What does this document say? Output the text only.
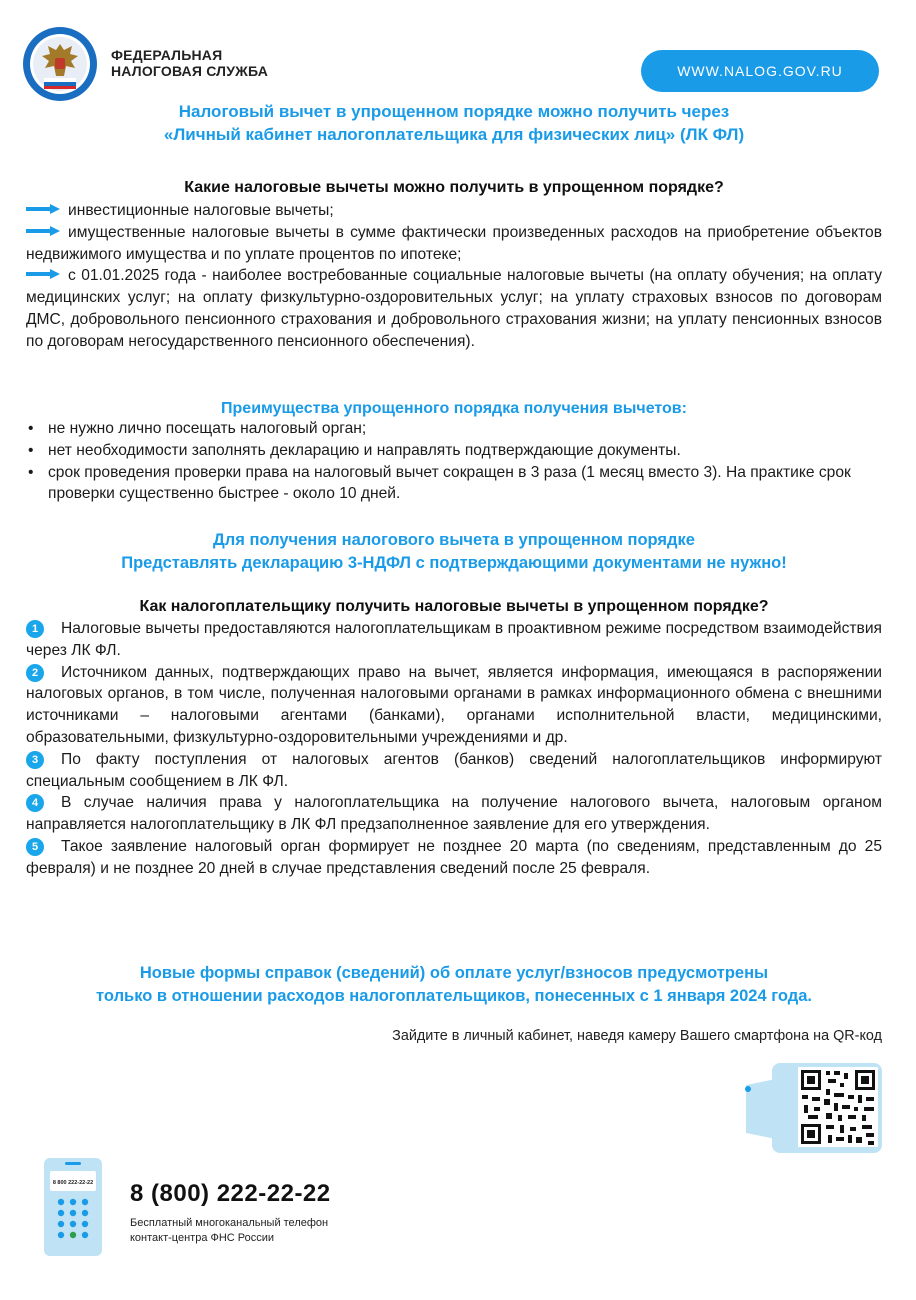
ФЕДЕРАЛЬНАЯ
НАЛОГОВАЯ СЛУЖБА	WWW.NALOG.GOV.RU
Налоговый вычет в упрощенном порядке можно получить через
«Личный кабинет налогоплательщика для физических лиц» (ЛК ФЛ)
Какие налоговые вычеты можно получить в упрощенном порядке?

инвестиционные налоговые вычеты;

имущественные налоговые вычеты в сумме фактически произведенных расходов на приобретение объектов недвижимого имущества и по уплате процентов по ипотеке;

с 01.01.2025 года - наиболее востребованные социальные налоговые вычеты (на оплату обучения; на оплату медицинских услуг; на оплату физкультурно-оздоровительных услуг; на уплату страховых взносов по договорам ДМС, добровольного пенсионного страхования и добровольного страхования жизни; на уплату пенсионных взносов по договорам негосударственного пенсионного обеспечения).

Преимущества упрощенного порядка получения вычетов:
• не нужно лично посещать налоговый орган;
• нет необходимости заполнять декларацию и направлять подтверждающие документы.
• срок проведения проверки права на налоговый вычет сокращен в 3 раза (1 месяц вместо 3). На практике срок проверки существенно быстрее - около 10 дней.
Для получения налогового вычета в упрощенном порядке
Представлять декларацию 3-НДФЛ с подтверждающими документами не нужно!
Как налогоплательщику получить налоговые вычеты в упрощенном порядке?

1 Налоговые вычеты предоставляются налогоплательщикам в проактивном режиме посредством взаимодействия через ЛК ФЛ.

2 Источником данных, подтверждающих право на вычет, является информация, имеющаяся в распоряжении налоговых органов, в том числе, полученная налоговыми органами в рамках информационного обмена с внешними источниками – налоговыми агентами (банками), органами исполнительной власти, медицинскими, образовательными, физкультурно-оздоровительными учреждениями и др.

3 По факту поступления от налоговых агентов (банков) сведений налогоплательщиков информируют специальным сообщением в ЛК ФЛ.

4 В случае наличия права у налогоплательщика на получение налогового вычета, налоговым органом направляется налогоплательщику в ЛК ФЛ предзаполненное заявление для его утверждения.

5 Такое заявление налоговый орган формирует не позднее 20 марта (по сведениям, представленным до 25 февраля) и не позднее 20 дней в случае представления сведений после 25 февраля.

Новые формы справок (сведений) об оплате услуг/взносов предусмотрены
только в отношении расходов налогоплательщиков, понесенных с 1 января 2024 года.
Зайдите в личный кабинет, наведя камеру Вашего смартфона на QR-код
8 800 222-22-22 8 (800) 222-22-22
Бесплатный многоканальный телефон
контакт-центра ФНС России
